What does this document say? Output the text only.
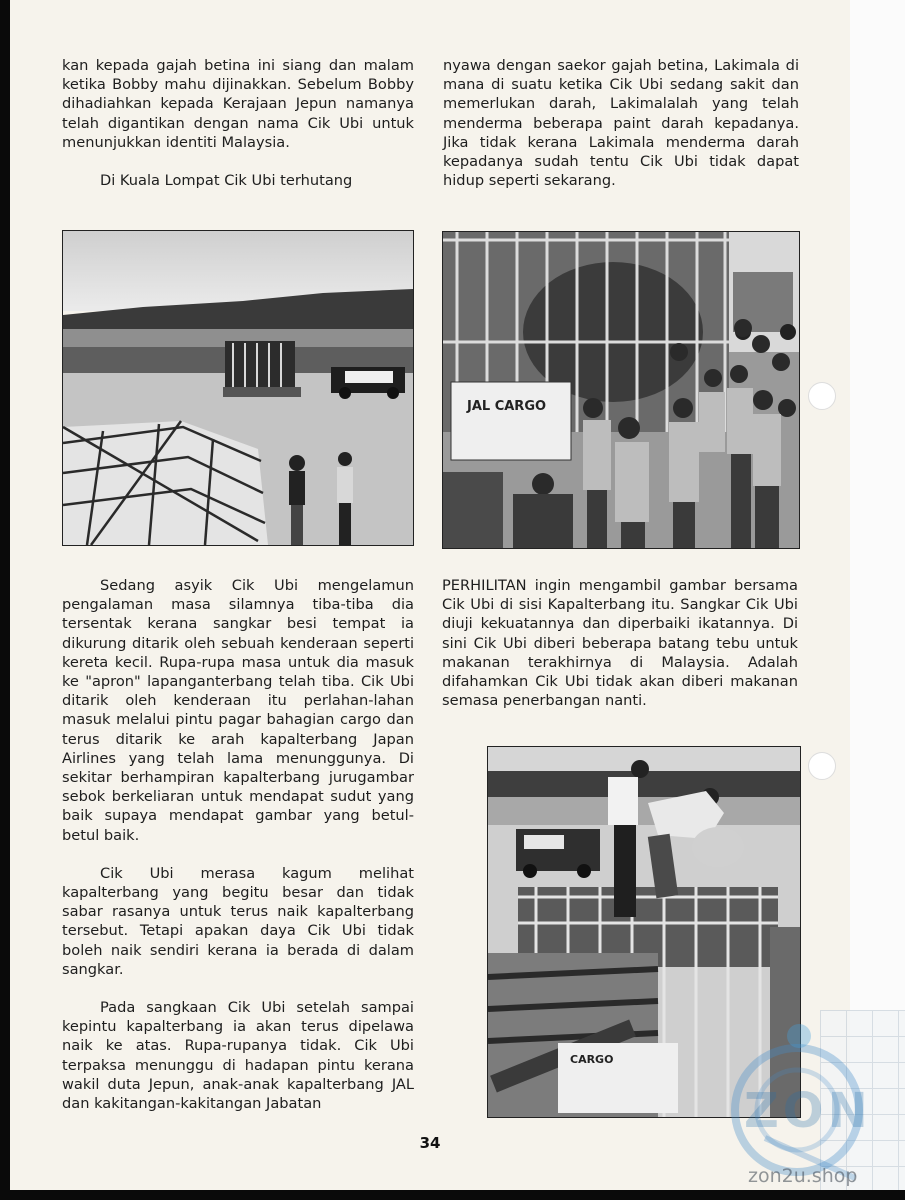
kan kepada gajah betina ini siang dan malam ketika Bobby mahu dijinakkan. Sebelum Bobby dihadiahkan kepada Kerajaan Jepun namanya telah digantikan dengan nama Cik Ubi untuk menunjukkan identiti Malaysia.

Di Kuala Lompat Cik Ubi terhutang

nyawa dengan saekor gajah betina, Lakimala di mana di suatu ketika Cik Ubi sedang sakit dan memerlukan darah, Lakimalalah yang telah menderma beberapa paint darah kepadanya. Jika tidak kerana Lakimala menderma darah kepadanya sudah tentu Cik Ubi tidak dapat hidup seperti sekarang.

JAL CARGO

Sedang asyik Cik Ubi mengelamun pengalaman masa silamnya tiba-tiba dia tersentak kerana sangkar besi tempat ia dikurung ditarik oleh sebuah kenderaan seperti kereta kecil. Rupa-rupa masa untuk dia masuk ke "apron" lapanganterbang telah tiba. Cik Ubi ditarik oleh kenderaan itu perlahan-lahan masuk melalui pintu pagar bahagian cargo dan terus ditarik ke arah kapalterbang Japan Airlines yang telah lama menunggunya. Di sekitar berhampiran kapalterbang jurugambar sebok berkeliaran untuk mendapat sudut yang baik supaya mendapat gambar yang betul-betul baik.

Cik Ubi merasa kagum melihat kapalterbang yang begitu besar dan tidak sabar rasanya untuk terus naik kapalterbang tersebut. Tetapi apakan daya Cik Ubi tidak boleh naik sendiri kerana ia berada di dalam sangkar.

Pada sangkaan Cik Ubi setelah sampai kepintu kapalterbang ia akan terus dipelawa naik ke atas. Rupa-rupanya tidak. Cik Ubi terpaksa menunggu di hadapan pintu kerana wakil duta Jepun, anak-anak kapalterbang JAL dan kakitangan-kakitangan Jabatan

PERHILITAN ingin mengambil gambar bersama Cik Ubi di sisi Kapalterbang itu. Sangkar Cik Ubi diuji kekuatannya dan diperbaiki ikatannya. Di sini Cik Ubi diberi beberapa batang tebu untuk makanan terakhirnya di Malaysia. Adalah difahamkan Cik Ubi tidak akan diberi makanan semasa penerbangan nanti.

CARGO
34
ZON
zon2u.shop
